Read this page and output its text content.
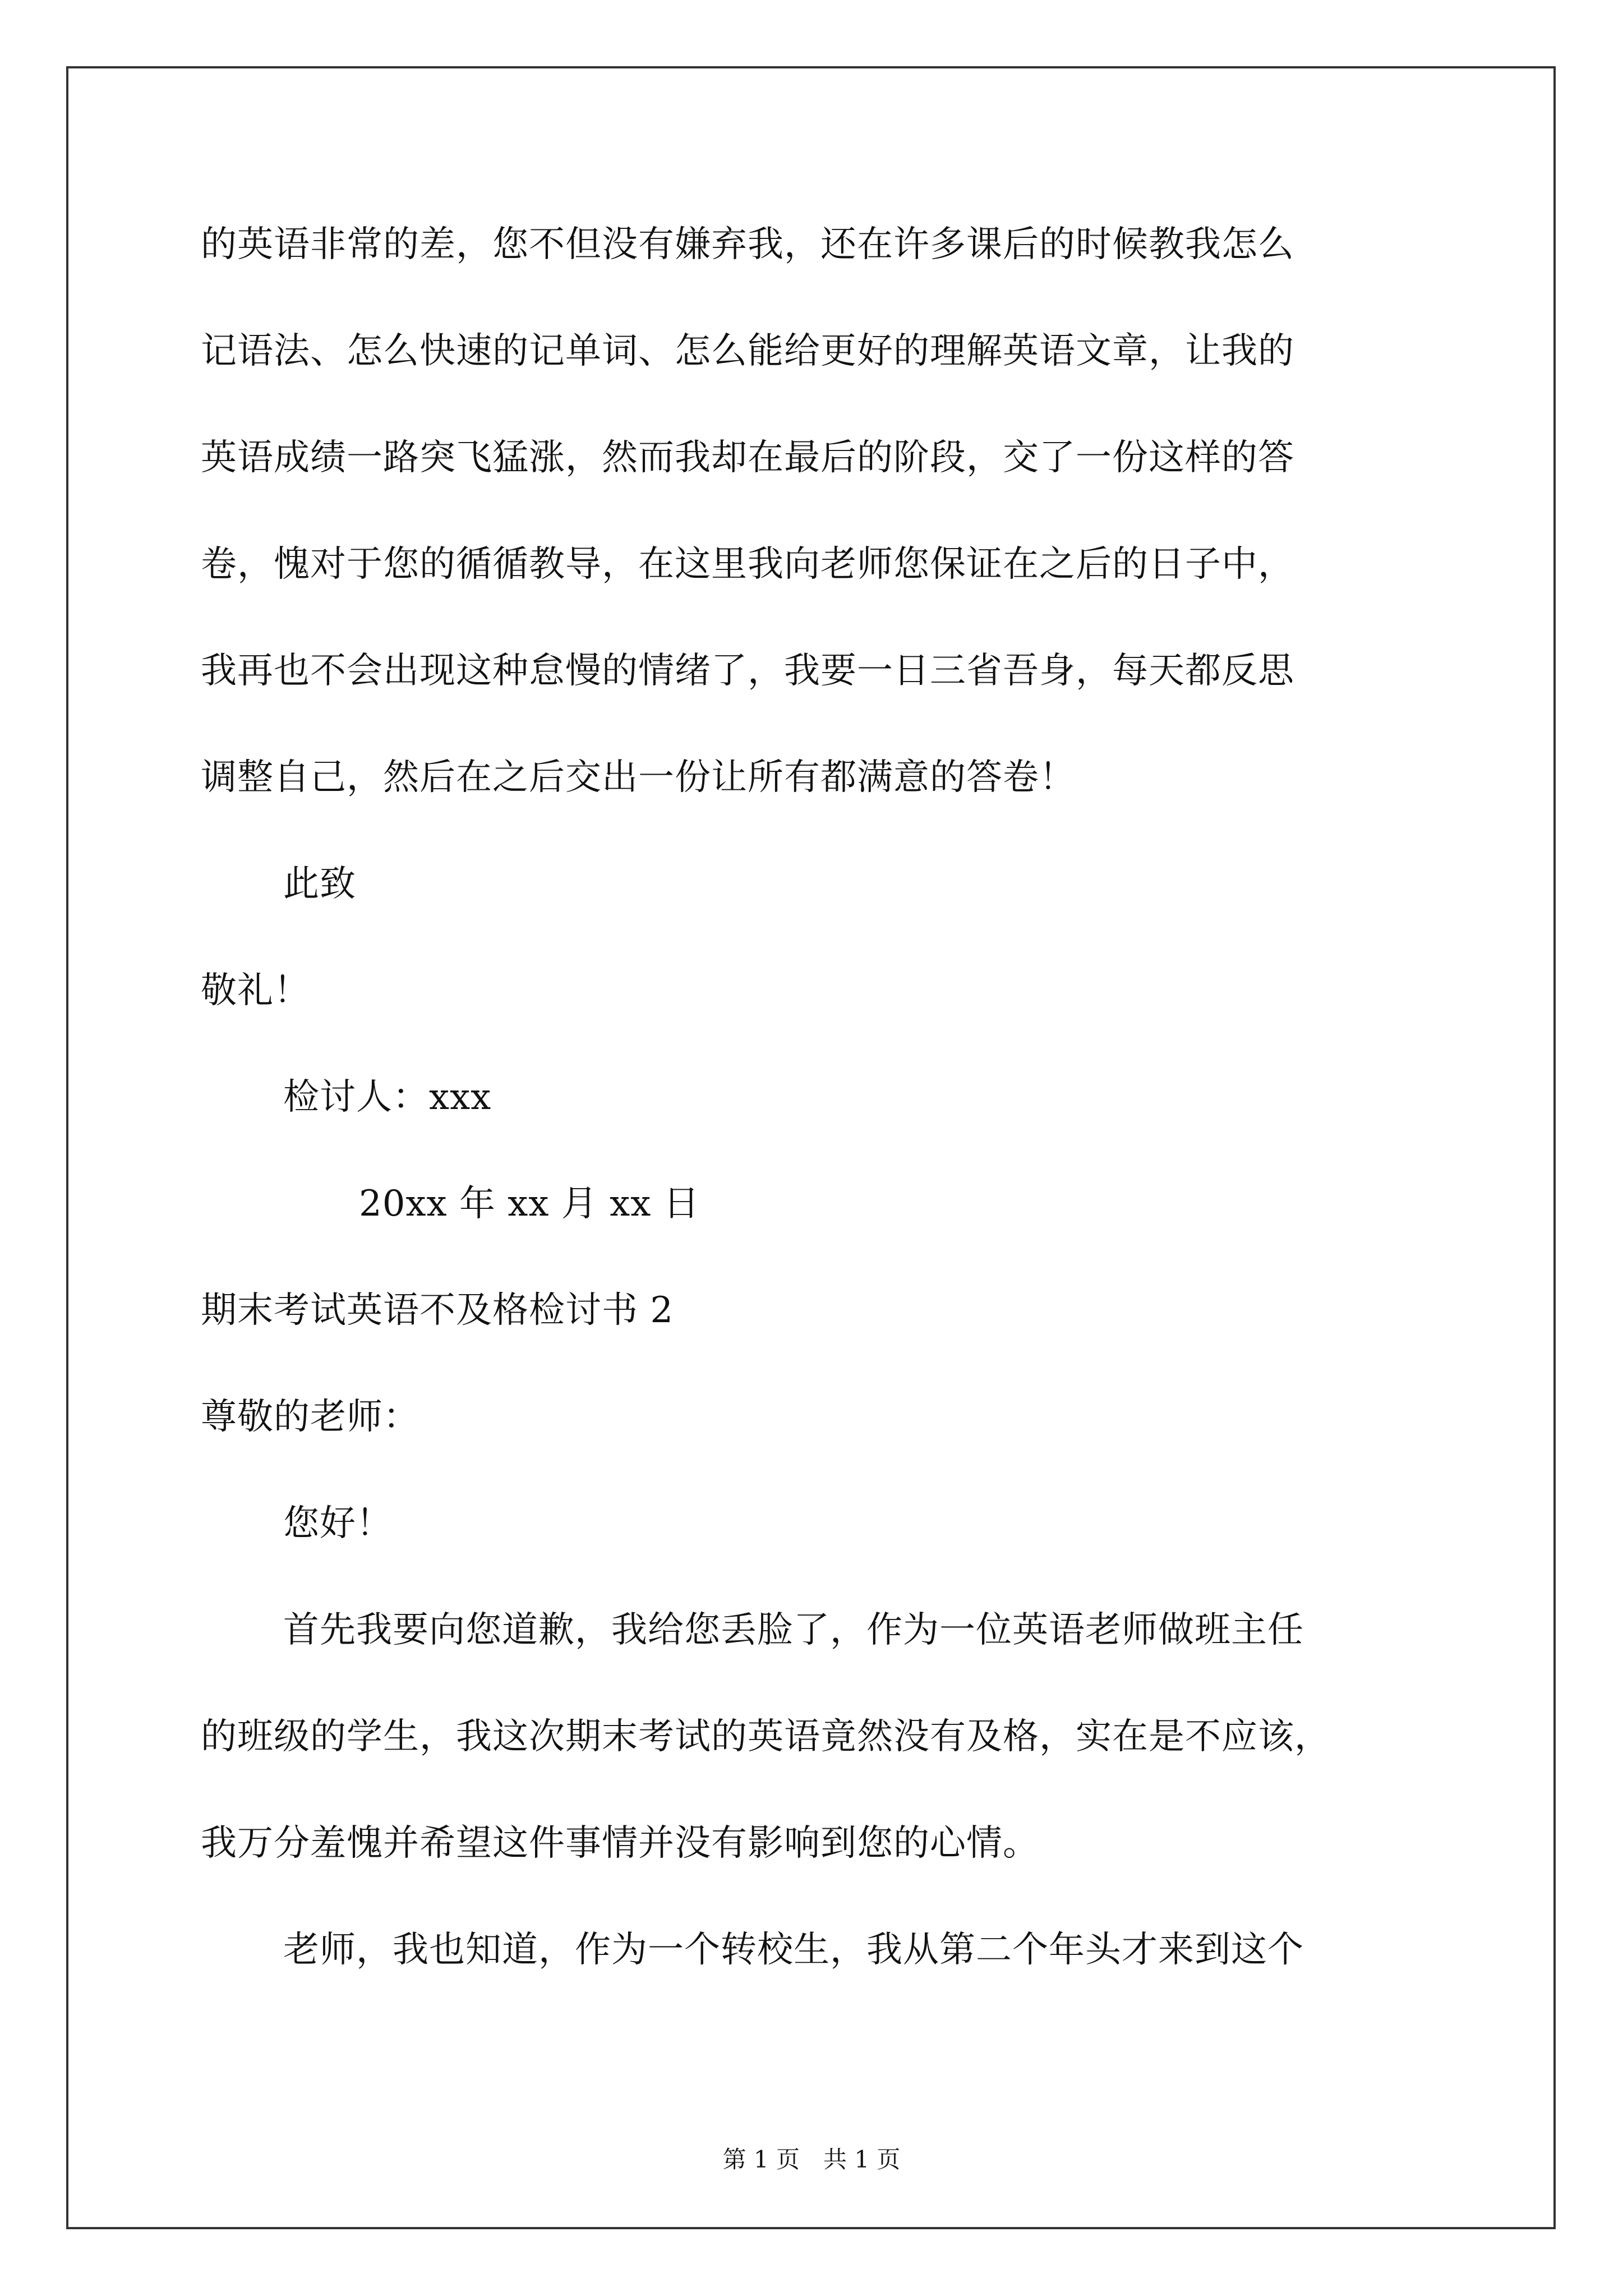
的英语非常的差，您不但没有嫌弃我，还在许多课后的时候教我怎么
记语法、怎么快速的记单词、怎么能给更好的理解英语文章，让我的
英语成绩一路突飞猛涨，然而我却在最后的阶段，交了一份这样的答
卷，愧对于您的循循教导，在这里我向老师您保证在之后的日子中，
我再也不会出现这种怠慢的情绪了，我要一日三省吾身，每天都反思
调整自己，然后在之后交出一份让所有都满意的答卷！
此致
敬礼！
检讨人：xxx
20xx 年 xx 月 xx 日
期末考试英语不及格检讨书 2
尊敬的老师：
您好！
首先我要向您道歉，我给您丢脸了，作为一位英语老师做班主任
的班级的学生，我这次期末考试的英语竟然没有及格，实在是不应该，
我万分羞愧并希望这件事情并没有影响到您的心情。
老师，我也知道，作为一个转校生，我从第二个年头才来到这个
第 1 页　共 1 页
